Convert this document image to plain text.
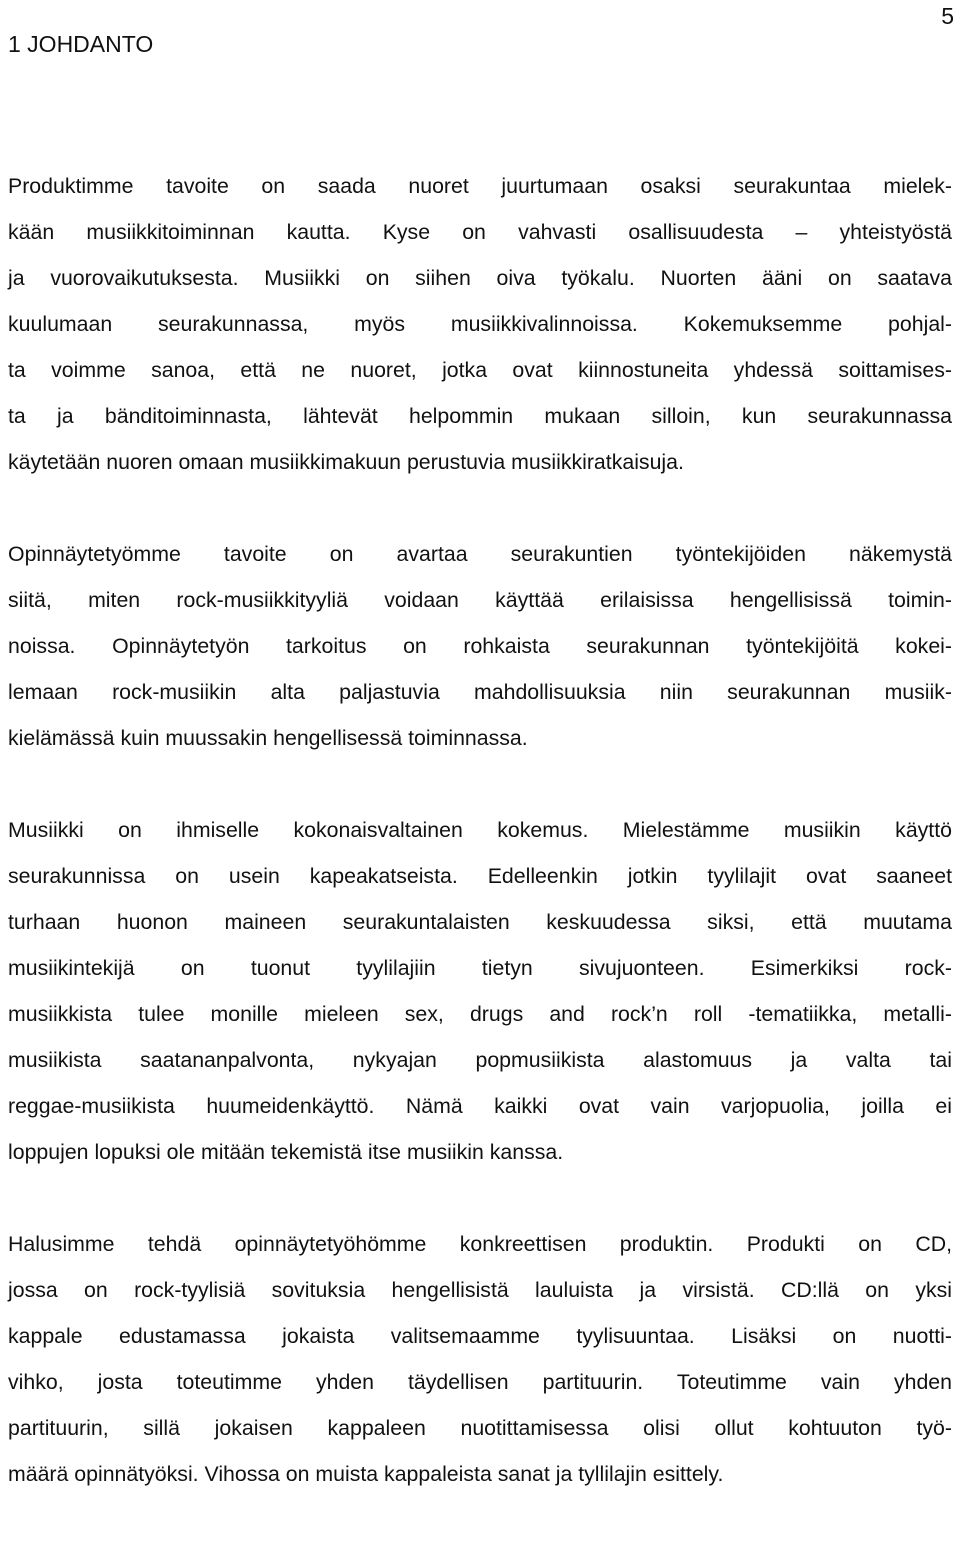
5
1 JOHDANTO

Produktimme tavoite on saada nuoret juurtumaan osaksi seurakuntaa mielek-
kään musiikkitoiminnan kautta. Kyse on vahvasti osallisuudesta – yhteistyöstä
ja vuorovaikutuksesta. Musiikki on siihen oiva työkalu. Nuorten ääni on saatava
kuulumaan seurakunnassa, myös musiikkivalinnoissa. Kokemuksemme pohjal-
ta voimme sanoa, että ne nuoret, jotka ovat kiinnostuneita yhdessä soittamises-
ta ja bänditoiminnasta, lähtevät helpommin mukaan silloin, kun seurakunnassa
käytetään nuoren omaan musiikkimakuun perustuvia musiikkiratkaisuja.

Opinnäytetyömme tavoite on avartaa seurakuntien työntekijöiden näkemystä
siitä, miten rock-musiikkityyliä voidaan käyttää erilaisissa hengellisissä toimin-
noissa. Opinnäytetyön tarkoitus on rohkaista seurakunnan työntekijöitä kokei-
lemaan rock-musiikin alta paljastuvia mahdollisuuksia niin seurakunnan musiik-
kielämässä kuin muussakin hengellisessä toiminnassa.

Musiikki on ihmiselle kokonaisvaltainen kokemus. Mielestämme musiikin käyttö
seurakunnissa on usein kapeakatseista. Edelleenkin jotkin tyylilajit ovat saaneet
turhaan huonon maineen seurakuntalaisten keskuudessa siksi, että muutama
musiikintekijä on tuonut tyylilajiin tietyn sivujuonteen. Esimerkiksi rock-
musiikkista tulee monille mieleen sex, drugs and rock’n roll -tematiikka, metalli-
musiikista saatananpalvonta, nykyajan popmusiikista alastomuus ja valta tai
reggae-musiikista huumeidenkäyttö. Nämä kaikki ovat vain varjopuolia, joilla ei
loppujen lopuksi ole mitään tekemistä itse musiikin kanssa.

Halusimme tehdä opinnäytetyöhömme konkreettisen produktin. Produkti on CD,
jossa on rock-tyylisiä sovituksia hengellisistä lauluista ja virsistä. CD:llä on yksi
kappale edustamassa jokaista valitsemaamme tyylisuuntaa. Lisäksi on nuotti-
vihko, josta toteutimme yhden täydellisen partituurin. Toteutimme vain yhden
partituurin, sillä jokaisen kappaleen nuotittamisessa olisi ollut kohtuuton työ-
määrä opinnätyöksi. Vihossa on muista kappaleista sanat ja tyllilajin esittely.
